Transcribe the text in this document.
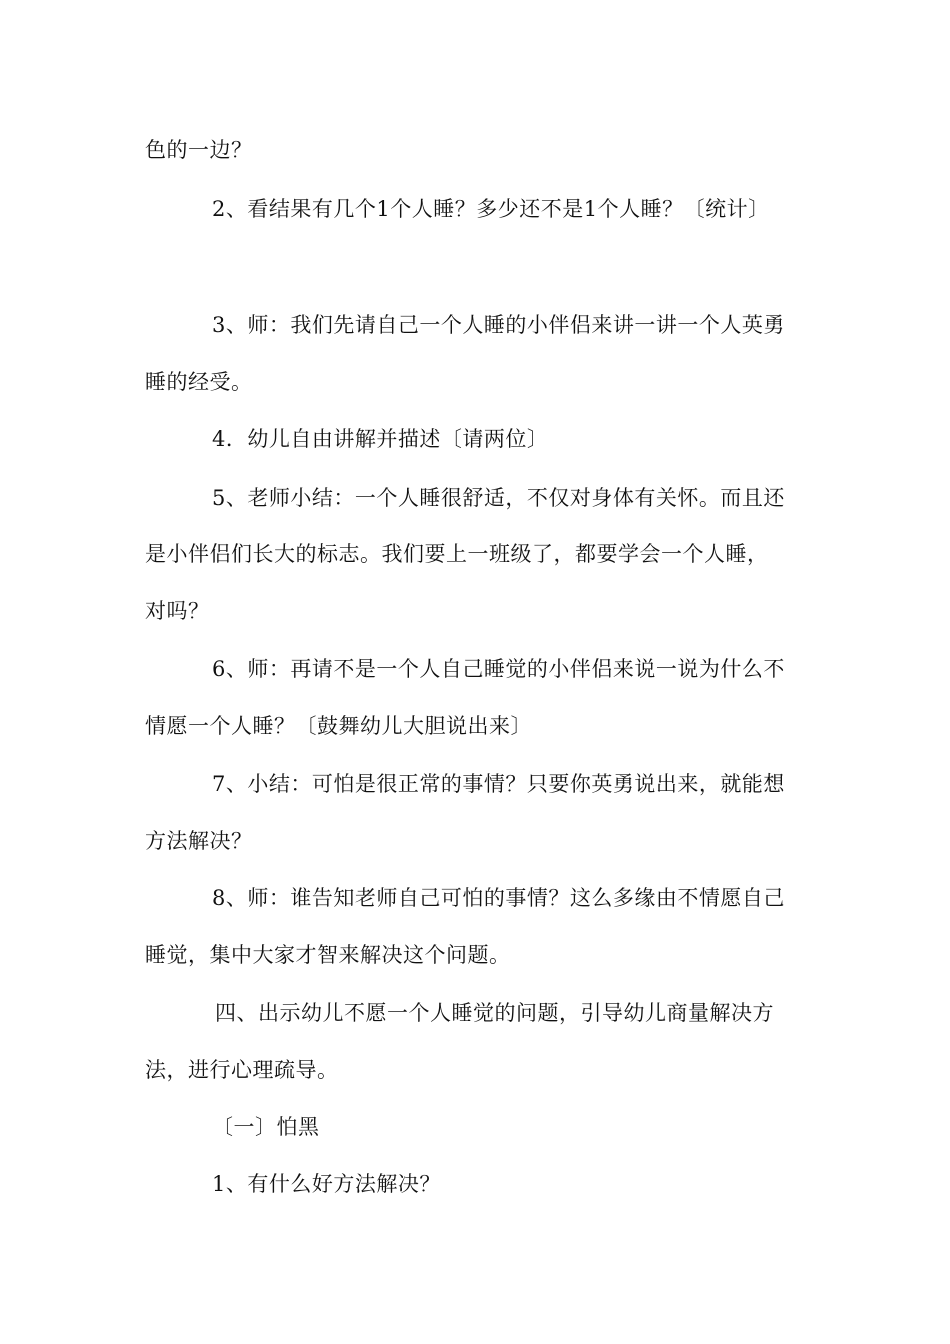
色的一边？
2、看结果有几个1个人睡？多少还不是1个人睡？〔统计〕
3、师：我们先请自己一个人睡的小伴侣来讲一讲一个人英勇
睡的经受。
4．幼儿自由讲解并描述〔请两位〕
5、老师小结：一个人睡很舒适，不仅对身体有关怀。而且还
是小伴侣们长大的标志。我们要上一班级了，都要学会一个人睡，
对吗？
6、师：再请不是一个人自己睡觉的小伴侣来说一说为什么不
情愿一个人睡？〔鼓舞幼儿大胆说出来〕
7、小结：可怕是很正常的事情？只要你英勇说出来，就能想
方法解决？
8、师：谁告知老师自己可怕的事情？这么多缘由不情愿自己
睡觉，集中大家才智来解决这个问题。
四、出示幼儿不愿一个人睡觉的问题，引导幼儿商量解决方
法，进行心理疏导。
〔一〕怕黑
1、有什么好方法解决？
